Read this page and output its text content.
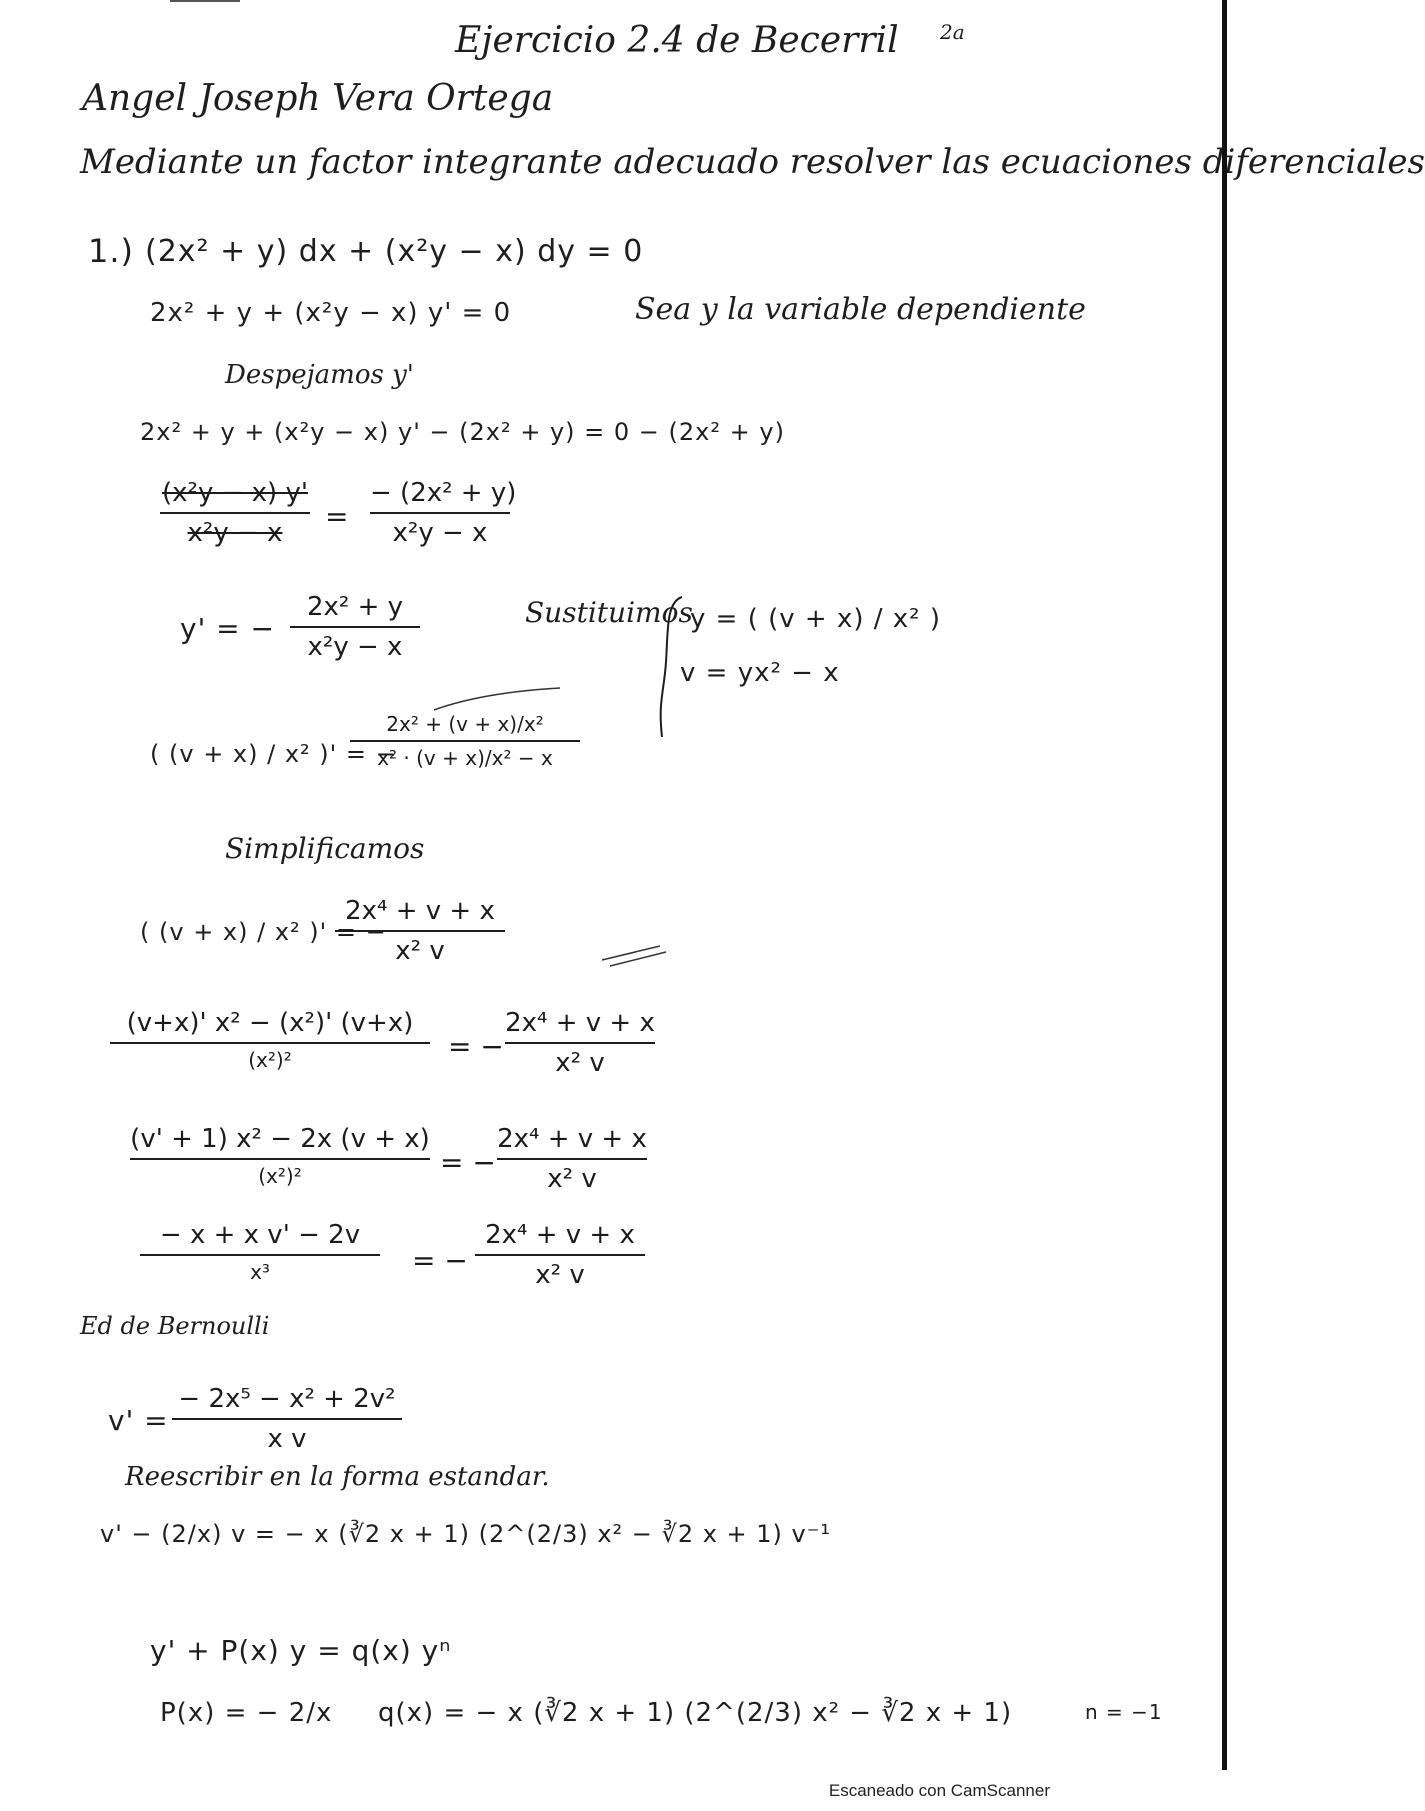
Ejercicio 2.4 de Becerril 2a
Angel Joseph Vera Ortega
Mediante un factor integrante adecuado resolver las ecuaciones diferenciales
1.) (2x² + y) dx + (x²y − x) dy = 0
2x² + y + (x²y − x) y' = 0	Sea y la variable dependiente
Despejamos y'
2x² + y + (x²y − x) y' − (2x² + y) = 0 − (2x² + y)
(x²y − x) y'
x²y − x	=
− (2x² + y)
x²y − x
y' = −
2x² + y
x²y − x
Sustituimos
y = ( (v + x) / x² )
v = yx² − x
( (v + x) / x² )' = −
2x² + (v + x)/x²
x² · (v + x)/x² − x
Simplificamos
( (v + x) / x² )' = −
2x⁴ + v + x
x² v
(v+x)' x² − (x²)' (v+x)
(x²)²	= −
2x⁴ + v + x
x² v
(v' + 1) x² − 2x (v + x)
(x²)²	= −
2x⁴ + v + x
x² v
− x + x v' − 2v
x³	= −
2x⁴ + v + x
x² v
Ed de Bernoulli
v' =
− 2x⁵ − x² + 2v²
x v
Reescribir en la forma estandar.
v' − (2/x) v = − x (∛2 x + 1) (2^(2/3) x² − ∛2 x + 1) v⁻¹
y' + P(x) y = q(x) yⁿ
P(x) = − 2/x q(x) = − x (∛2 x + 1) (2^(2/3) x² − ∛2 x + 1)	n = −1
Escaneado con CamScanner
